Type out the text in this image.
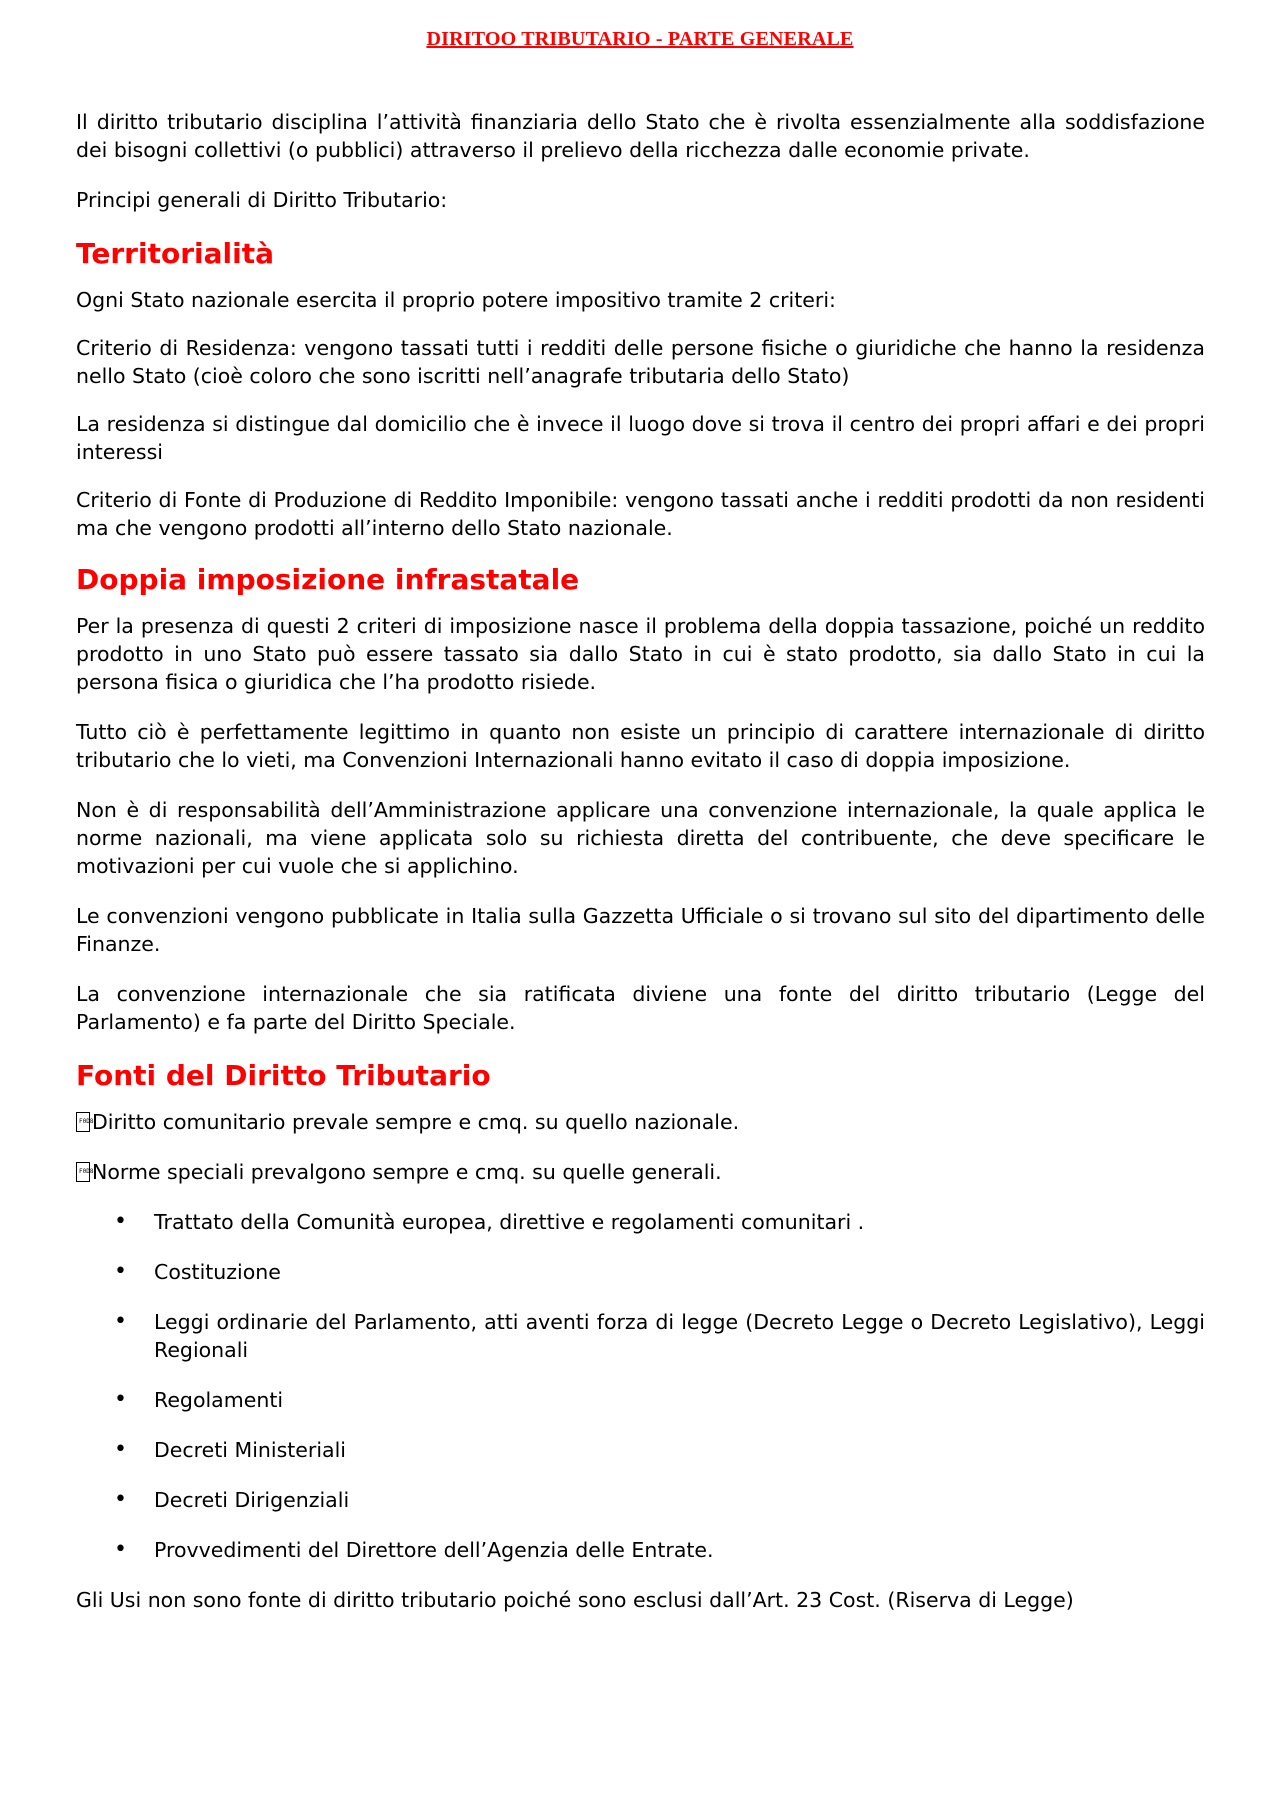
DIRITOO TRIBUTARIO - PARTE GENERALE

Il diritto tributario disciplina l’attività finanziaria dello Stato che è rivolta essenzialmente alla soddisfazione dei bisogni collettivi (o pubblici) attraverso il prelievo della ricchezza dalle economie private.

Principi generali di Diritto Tributario:

Territorialità

Ogni Stato nazionale esercita il proprio potere impositivo tramite 2 criteri:

Criterio di Residenza: vengono tassati tutti i redditi delle persone fisiche o giuridiche che hanno la residenza nello Stato (cioè coloro che sono iscritti nell’anagrafe tributaria dello Stato)

La residenza si distingue dal domicilio che è invece il luogo dove si trova il centro dei propri affari e dei propri interessi

Criterio di Fonte di Produzione di Reddito Imponibile: vengono tassati anche i redditi prodotti da non residenti ma che vengono prodotti all’interno dello Stato nazionale.

Doppia imposizione infrastatale

Per la presenza di questi 2 criteri di imposizione nasce il problema della doppia tassazione, poiché un reddito prodotto in uno Stato può essere tassato sia dallo Stato in cui è stato prodotto, sia dallo Stato in cui la persona fisica o giuridica che l’ha prodotto risiede.

Tutto ciò è perfettamente legittimo in quanto non esiste un principio di carattere internazionale di diritto tributario che lo vieti, ma Convenzioni Internazionali hanno evitato il caso di doppia imposizione.

Non è di responsabilità dell’Amministrazione applicare una convenzione internazionale, la quale applica le norme nazionali, ma viene applicata solo su richiesta diretta del contribuente, che deve specificare le motivazioni per cui vuole che si applichino.

Le convenzioni vengono pubblicate in Italia sulla Gazzetta Ufficiale o si trovano sul sito del dipartimento delle Finanze.

La convenzione internazionale che sia ratificata diviene una fonte del diritto tributario (Legge del Parlamento) e fa parte del Diritto Speciale.

Fonti del Diritto Tributario
F0D8Diritto comunitario prevale sempre e cmq. su quello nazionale.
F0D8Norme speciali prevalgono sempre e cmq. su quelle generali.
• Trattato della Comunità europea, direttive e regolamenti comunitari .
• Costituzione
• Leggi ordinarie del Parlamento, atti aventi forza di legge (Decreto Legge o Decreto Legislativo), Leggi Regionali
• Regolamenti
• Decreti Ministeriali
• Decreti Dirigenziali
• Provvedimenti del Direttore dell’Agenzia delle Entrate.

Gli Usi non sono fonte di diritto tributario poiché sono esclusi dall’Art. 23 Cost. (Riserva di Legge)
